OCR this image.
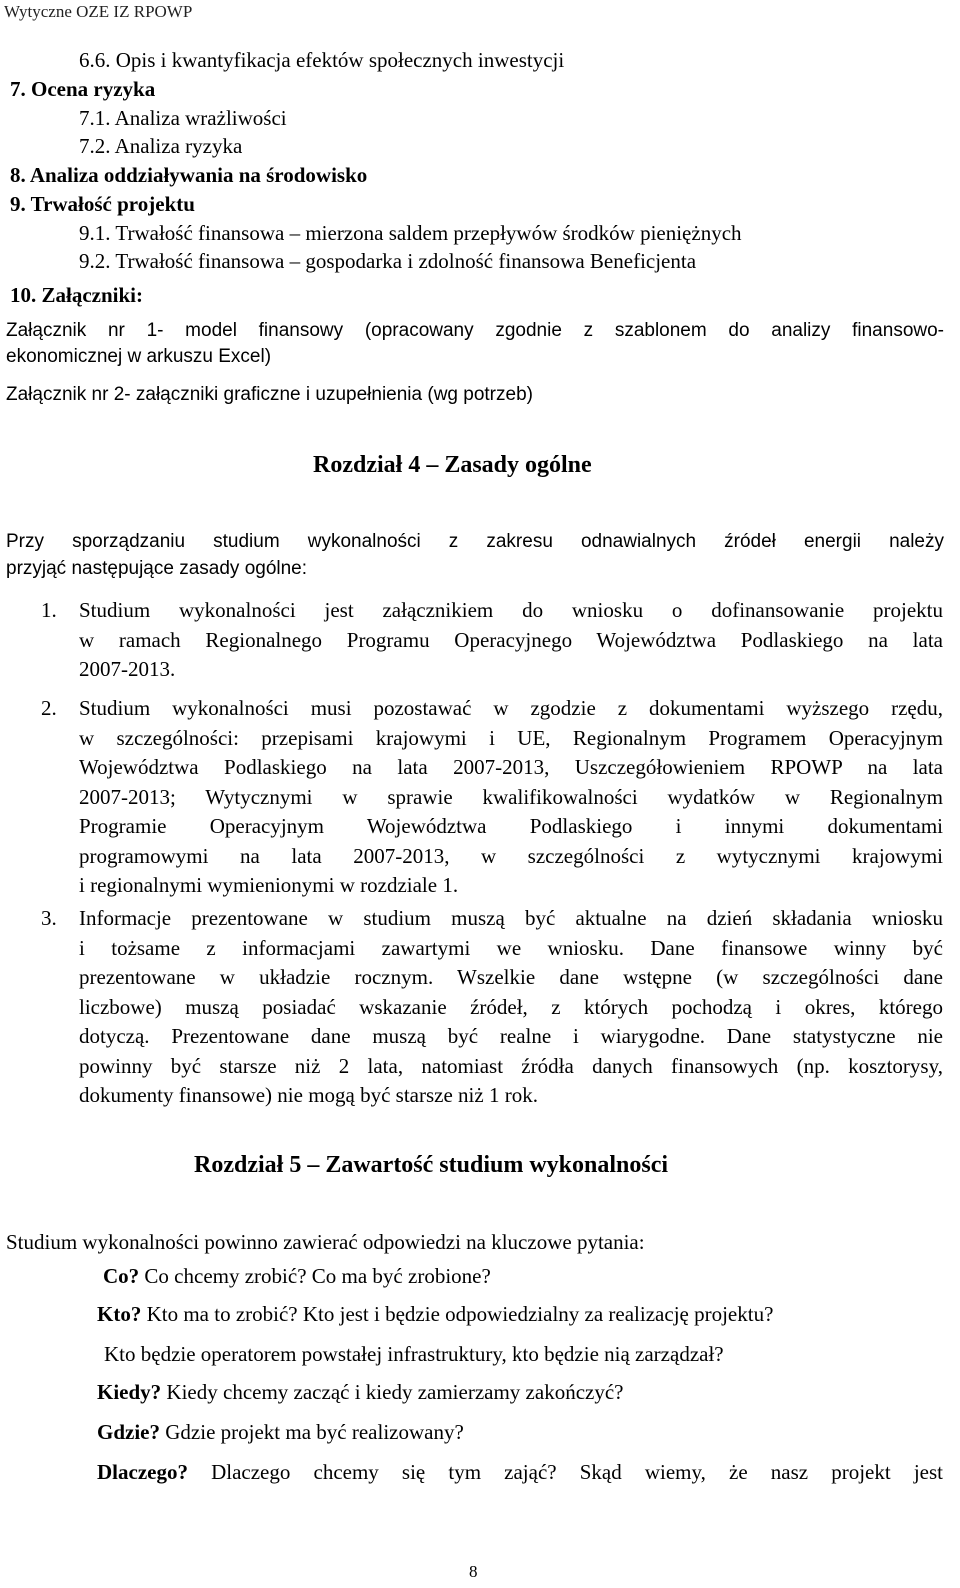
Wytyczne OZE IZ RPOWP
6.6. Opis i kwantyfikacja efektów społecznych inwestycji
7. Ocena ryzyka
7.1. Analiza wrażliwości
7.2. Analiza ryzyka
8. Analiza oddziaływania na środowisko
9. Trwałość projektu
9.1. Trwałość finansowa – mierzona saldem przepływów środków pieniężnych
9.2. Trwałość finansowa – gospodarka i zdolność finansowa Beneficjenta
10. Załączniki:
Załącznik nr 1- model finansowy (opracowany zgodnie z szablonem do analizy finansowo-
ekonomicznej w arkuszu Excel)
Załącznik nr 2- załączniki graficzne i uzupełnienia (wg potrzeb)
Rozdział 4 – Zasady ogólne
Przy sporządzaniu studium wykonalności z zakresu odnawialnych źródeł energii należy
przyjąć następujące zasady ogólne:
1. Studium wykonalności jest załącznikiem do wniosku o dofinansowanie projektu
w ramach Regionalnego Programu Operacyjnego Województwa Podlaskiego na lata
2007-2013.
2. Studium wykonalności musi pozostawać w zgodzie z dokumentami wyższego rzędu,
w szczególności: przepisami krajowymi i UE, Regionalnym Programem Operacyjnym
Województwa Podlaskiego na lata 2007-2013, Uszczegółowieniem RPOWP na lata
2007-2013; Wytycznymi w sprawie kwalifikowalności wydatków w Regionalnym
Programie Operacyjnym Województwa Podlaskiego i innymi dokumentami
programowymi na lata 2007-2013, w szczególności z wytycznymi krajowymi
i regionalnymi wymienionymi w rozdziale 1.
3. Informacje prezentowane w studium muszą być aktualne na dzień składania wniosku
i tożsame z informacjami zawartymi we wniosku. Dane finansowe winny być
prezentowane w układzie rocznym. Wszelkie dane wstępne (w szczególności dane
liczbowe) muszą posiadać wskazanie źródeł, z których pochodzą i okres, którego
dotyczą. Prezentowane dane muszą być realne i wiarygodne. Dane statystyczne nie
powinny być starsze niż 2 lata, natomiast źródła danych finansowych (np. kosztorysy,
dokumenty finansowe) nie mogą być starsze niż 1 rok.
Rozdział 5 – Zawartość studium wykonalności
Studium wykonalności powinno zawierać odpowiedzi na kluczowe pytania:
Co? Co chcemy zrobić? Co ma być zrobione?
Kto? Kto ma to zrobić? Kto jest i będzie odpowiedzialny za realizację projektu?
Kto będzie operatorem powstałej infrastruktury, kto będzie nią zarządzał?
Kiedy? Kiedy chcemy zacząć i kiedy zamierzamy zakończyć?
Gdzie? Gdzie projekt ma być realizowany?
Dlaczego? Dlaczego chcemy się tym zająć? Skąd wiemy, że nasz projekt jest
8
